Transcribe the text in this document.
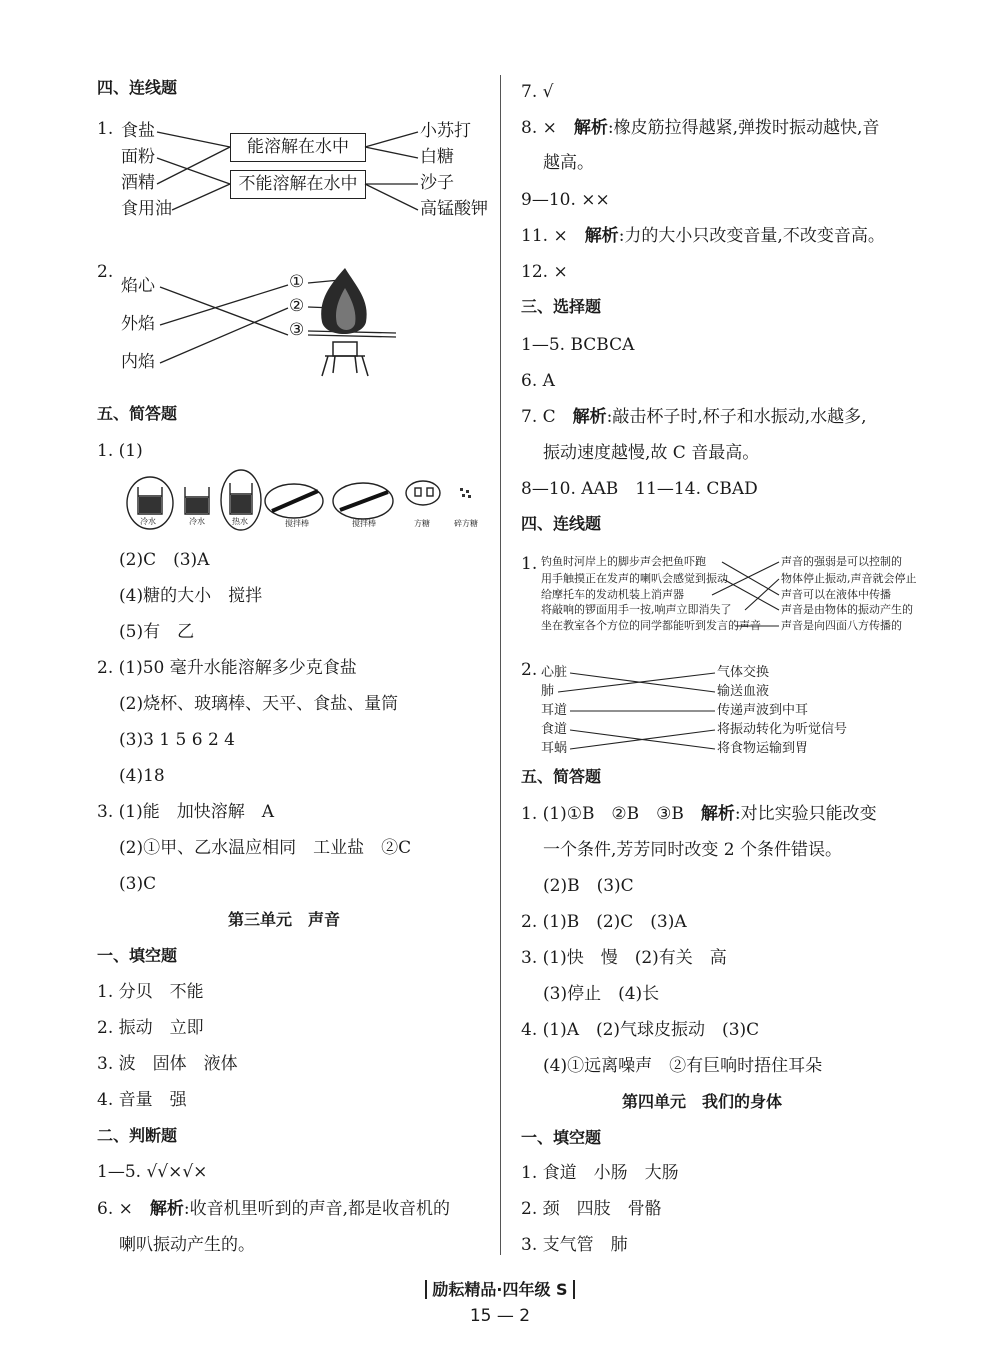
四、连线题
1. 食盐
面粉
酒精
食用油
能溶解在水中
不能溶解在水中
小苏打
白糖
沙子
高锰酸钾
2.
焰心
外焰
内焰
①
②
③
五、简答题
1. (1)
冷水	冷水	热水	搅拌棒	搅拌棒	方糖	碎方糖
(2)C　(3)A
(4)糖的大小　搅拌
(5)有　乙
2. (1)50 毫升水能溶解多少克食盐
(2)烧杯、玻璃棒、天平、食盐、量筒
(3)3 1 5 6 2 4
(4)18
3. (1)能　加快溶解　A
(2)①甲、乙水温应相同　工业盐　②C
(3)C
第三单元　声音
一、填空题
1. 分贝　不能
2. 振动　立即
3. 波　固体　液体
4. 音量　强
二、判断题
1—5. √√×√×
6. ×　解析:收音机里听到的声音,都是收音机的
喇叭振动产生的。
7. √
8. ×　解析:橡皮筋拉得越紧,弹拨时振动越快,音
越高。
9—10. ××
11. ×　解析:力的大小只改变音量,不改变音高。
12. ×
三、选择题
1—5. BCBCA
6. A
7. C　解析:敲击杯子时,杯子和水振动,水越多,
振动速度越慢,故 C 音最高。
8—10. AAB　11—14. CBAD
四、连线题
1. 钓鱼时河岸上的脚步声会把鱼吓跑
用手触摸正在发声的喇叭会感觉到振动
给摩托车的发动机装上消声器
将敲响的锣面用手一按,响声立即消失了
坐在教室各个方位的同学都能听到发言的声音
声音的强弱是可以控制的
物体停止振动,声音就会停止
声音可以在液体中传播
声音是由物体的振动产生的
声音是向四面八方传播的
2. 心脏
肺
耳道
食道
耳蜗
气体交换
输送血液
传递声波到中耳
将振动转化为听觉信号
将食物运输到胃
五、简答题
1. (1)①B　②B　③B　解析:对比实验只能改变
一个条件,芳芳同时改变 2 个条件错误。
(2)B　(3)C
2. (1)B　(2)C　(3)A
3. (1)快　慢　(2)有关　高
(3)停止　(4)长
4. (1)A　(2)气球皮振动　(3)C
(4)①远离噪声　②有巨响时捂住耳朵
第四单元　我们的身体
一、填空题
1. 食道　小肠　大肠
2. 颈　四肢　骨骼
3. 支气管　肺
励耘精品·四年级 S
15 — 2
